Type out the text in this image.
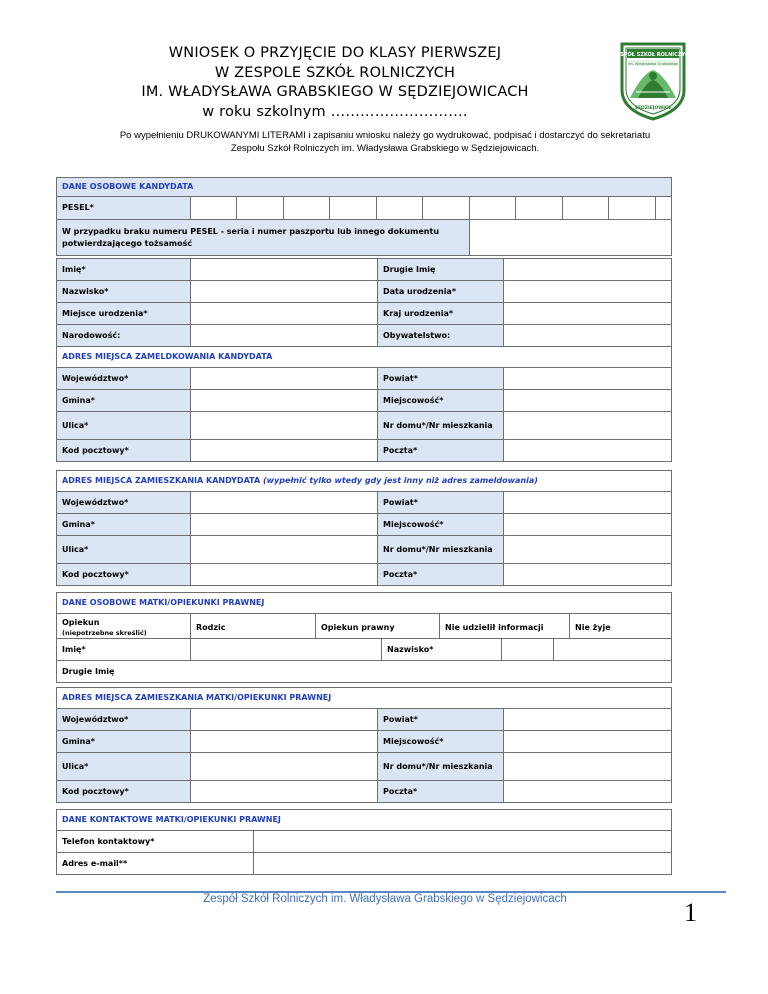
WNIOSEK O PRZYJĘCIE DO KLASY PIERWSZEJ
W ZESPOLE SZKÓŁ ROLNICZYCH
IM. WŁADYSŁAWA GRABSKIEGO W SĘDZIEJOWICACH
w roku szkolnym ……………………….
ZESPÓŁ SZKÓŁ ROLNICZYCH
im. Władysława Grabskiego
SĘDZIEJOWICE
Po wypełnieniu DRUKOWANYMI LITERAMI i zapisaniu wniosku należy go wydrukować, podpisać i dostarczyć do sekretariatu
Zespołu Szkół Rolniczych im. Władysława Grabskiego w Sędziejowicach.
DANE OSOBOWE KANDYDATA											
PESEL*											
W przypadku braku numeru PESEL - seria i numer paszportu lub innego dokumentu potwierdzającego tożsamość											
Imię*		Drugie Imię	
Nazwisko*		Data urodzenia*	
Miejsce urodzenia*		Kraj urodzenia*	
Narodowość:		Obywatelstwo:	
ADRES MIEJSCA ZAMELDKOWANIA KANDYDATA			
Województwo*		Powiat*	
Gmina*		Miejscowość*	
Ulica*		Nr domu*/Nr mieszkania	
Kod pocztowy*		Poczta*	
ADRES MIEJSCA ZAMIESZKANIA KANDYDATA (wypełnić tylko wtedy gdy jest inny niż adres zameldowania)			
Województwo*		Powiat*	
Gmina*		Miejscowość*	
Ulica*		Nr domu*/Nr mieszkania	
Kod pocztowy*		Poczta*	
DANE OSOBOWE MATKI/OPIEKUNKI PRAWNEJ

Opiekun
(niepotrzebne skreślić)
	Rodzic	Opiekun prawny	Nie udzielił informacji	Nie żyje
Imię*		Nazwisko*		
Drugie Imię
ADRES MIEJSCA ZAMIESZKANIA MATKI/OPIEKUNKI PRAWNEJ			
Województwo*		Powiat*	
Gmina*		Miejscowość*	
Ulica*		Nr domu*/Nr mieszkania	
Kod pocztowy*		Poczta*	
DANE KONTAKTOWE MATKI/OPIEKUNKI PRAWNEJ	
Telefon kontaktowy*	
Adres e-mail**	
Zespół Szkół Rolniczych im. Władysława Grabskiego w Sędziejowicach	1
